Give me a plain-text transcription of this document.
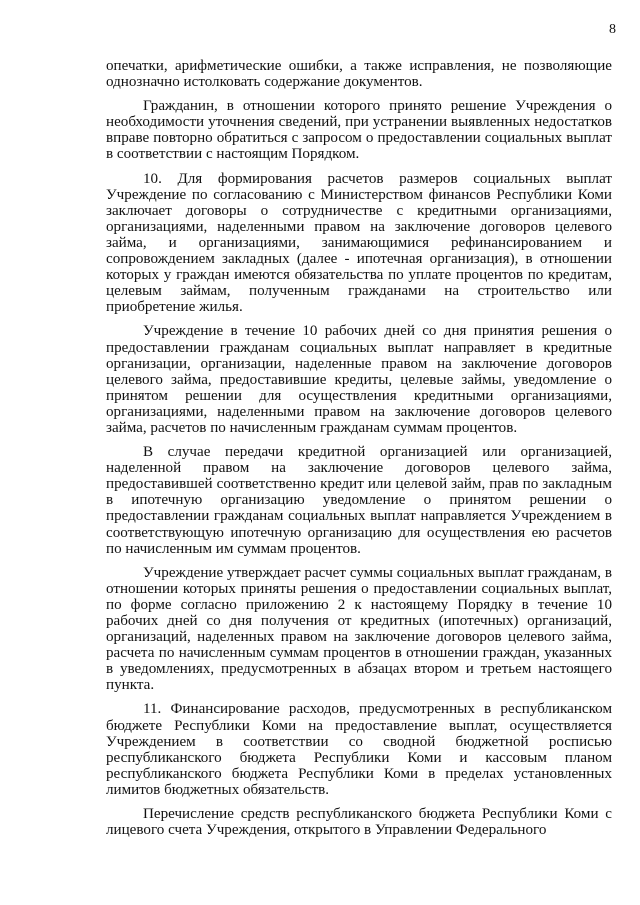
8

опечатки, арифметические ошибки, а также исправления, не позволяющие однозначно истолковать содержание документов.

Гражданин, в отношении которого принято решение Учреждения о необходимости уточнения сведений, при устранении выявленных недостатков вправе повторно обратиться с запросом о предоставлении социальных выплат в соответствии с настоящим Порядком.

10. Для формирования расчетов размеров социальных выплат Учреждение по согласованию с Министерством финансов Республики Коми заключает договоры о сотрудничестве с кредитными организациями, организациями, наделенными правом на заключение договоров целевого займа, и организациями, занимающимися рефинансированием и сопровождением закладных (далее - ипотечная организация), в отношении которых у граждан имеются обязательства по уплате процентов по кредитам, целевым займам, полученным гражданами на строительство или приобретение жилья.

Учреждение в течение 10 рабочих дней со дня принятия решения о предоставлении гражданам социальных выплат направляет в кредитные организации, организации, наделенные правом на заключение договоров целевого займа, предоставившие кредиты, целевые займы, уведомление о принятом решении для осуществления кредитными организациями, организациями, наделенными правом на заключение договоров целевого займа, расчетов по начисленным гражданам суммам процентов.

В случае передачи кредитной организацией или организацией, наделенной правом на заключение договоров целевого займа, предоставившей соответственно кредит или целевой займ, прав по закладным в ипотечную организацию уведомление о принятом решении о предоставлении гражданам социальных выплат направляется Учреждением в соответствующую ипотечную организацию для осуществления ею расчетов по начисленным им суммам процентов.

Учреждение утверждает расчет суммы социальных выплат гражданам, в отношении которых приняты решения о предоставлении социальных выплат, по форме согласно приложению 2 к настоящему Порядку в течение 10 рабочих дней со дня получения от кредитных (ипотечных) организаций, организаций, наделенных правом на заключение договоров целевого займа, расчета по начисленным суммам процентов в отношении граждан, указанных в уведомлениях, предусмотренных в абзацах втором и третьем настоящего пункта.

11. Финансирование расходов, предусмотренных в республиканском бюджете Республики Коми на предоставление выплат, осуществляется Учреждением в соответствии со сводной бюджетной росписью республиканского бюджета Республики Коми и кассовым планом республиканского бюджета Республики Коми в пределах установленных лимитов бюджетных обязательств.

Перечисление средств республиканского бюджета Республики Коми с лицевого счета Учреждения, открытого в Управлении Федерального
